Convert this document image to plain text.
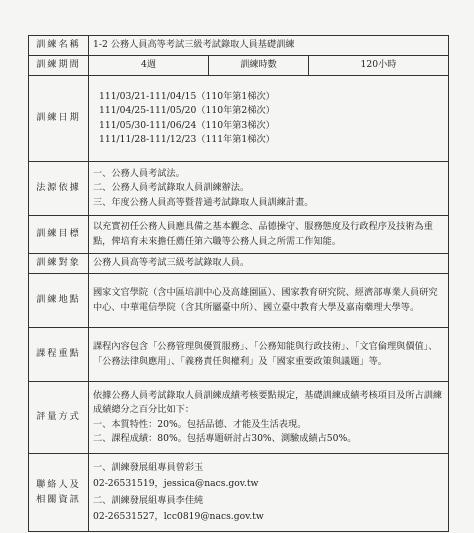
訓練名稱	1-2 公務人員高等考試三級考試錄取人員基礎訓練		
訓練期間	4週	訓練時數	120小時
訓練日期	111/03/21-111/04/15（110年第1梯次）
111/04/25-111/05/20（110年第2梯次）
111/05/30-111/06/24（110年第3梯次）
111/11/28-111/12/23（111年第1梯次）		

法源依據	一、公務人員考試法。
二、公務人員考試錄取人員訓練辦法。
三、年度公務人員高等暨普通考試錄取人員訓練計畫。		

訓練目標	以充實初任公務人員應具備之基本觀念、品德操守、服務態度及行政程序及技術為重點，俾培育未來擔任薦任第六職等公務人員之所需工作知能。		
訓練對象	公務人員高等考試三級考試錄取人員。		
訓練地點	國家文官學院（含中區培訓中心及高雄園區）、國家教育研究院、經濟部專業人員研究中心、中華電信學院（含其所屬臺中所）、國立臺中教育大學及嘉南藥理大學等。		
課程重點	課程內容包含「公務管理與優質服務」、「公務知能與行政技術」、「文官倫理與價值」、「公務法律與應用」、「義務責任與權利」及「國家重要政策與議題」等。		
評量方式	依據公務人員考試錄取人員訓練成績考核要點規定，基礎訓練成績考核項目及所占訓練成績總分之百分比如下：
一、本質特性：20%。包括品德、才能及生活表現。
二、課程成績：80%。包括專題研討占30%、測驗成績占50%。		

聯絡人及
相關資訊	一、訓練發展組專員曾彩玉
02-26531519，jessica@nacs.gov.tw
二、訓練發展組專員李佳純
02-26531527，lcc0819@nacs.gov.tw		
